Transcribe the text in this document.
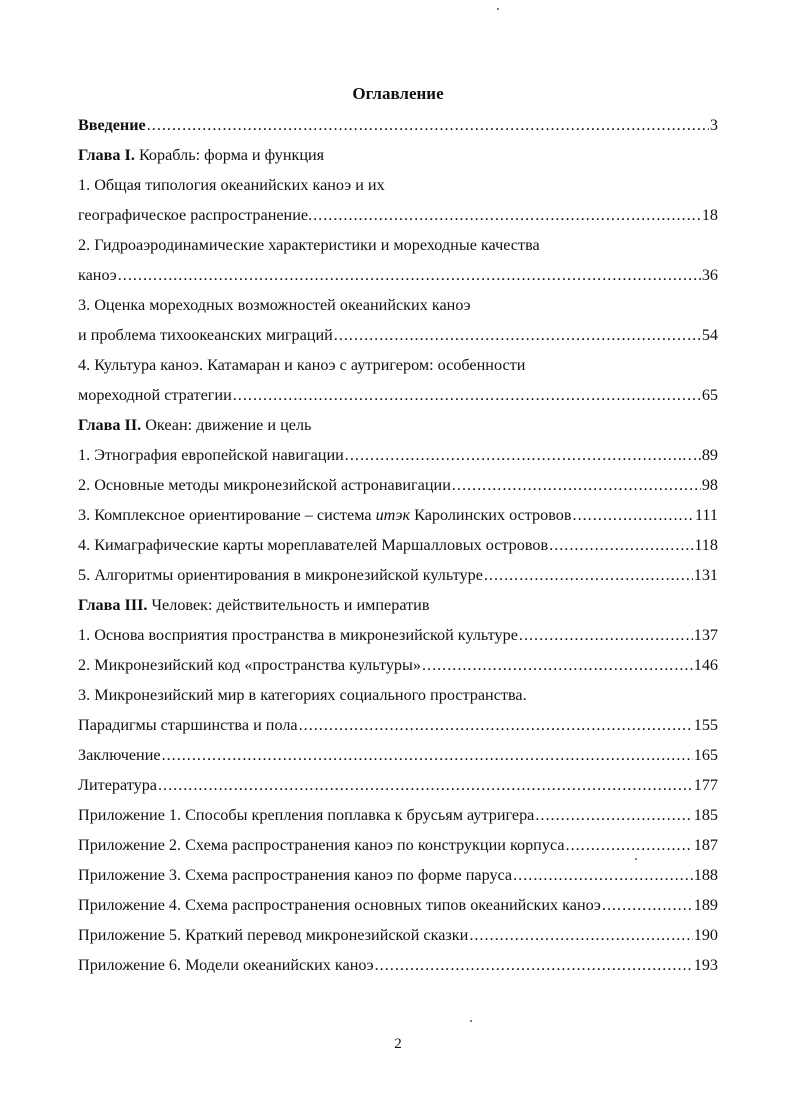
Оглавление
Введение .....	3
Глава I. Корабль: форма и функция
1. Общая типология океанийских каноэ и их
географическое распространение. .....	18
2. Гидроаэродинамические характеристики и мореходные качества
каноэ .....	36
3. Оценка мореходных возможностей океанийских каноэ
и проблема тихоокеанских миграций .....	54
4. Культура каноэ. Катамаран и каноэ с аутригером: особенности
мореходной стратегии .....	65
Глава II. Океан: движение и цель
1. Этнография европейской навигации .....	….89
2. Основные методы микронезийской астронавигации .....	98
3. Комплексное ориентирование – система итэк Каролинских островов .....	111
4. Кимаграфические карты мореплавателей Маршалловых островов .....	.118
5. Алгоритмы ориентирования в микронезийской культуре .....	131
Глава III. Человек: действительность и императив
1. Основа восприятия пространства в микронезийской культуре .....	137
2. Микронезийский код «пространства культуры» .....	146
3. Микронезийский мир в категориях социального пространства.
Парадигмы старшинства и пола .....	155
Заключение .....	165
Литература .....	177
Приложение 1. Способы крепления поплавка к брусьям аутригера .....	185
Приложение 2. Схема распространения каноэ по конструкции корпуса .....	187
Приложение 3. Схема распространения каноэ по форме паруса .....	188
Приложение 4. Схема распространения основных типов океанийских каноэ .....	189
Приложение 5. Краткий перевод микронезийской сказки .....	190
Приложение 6. Модели океанийских каноэ .....	193
2
